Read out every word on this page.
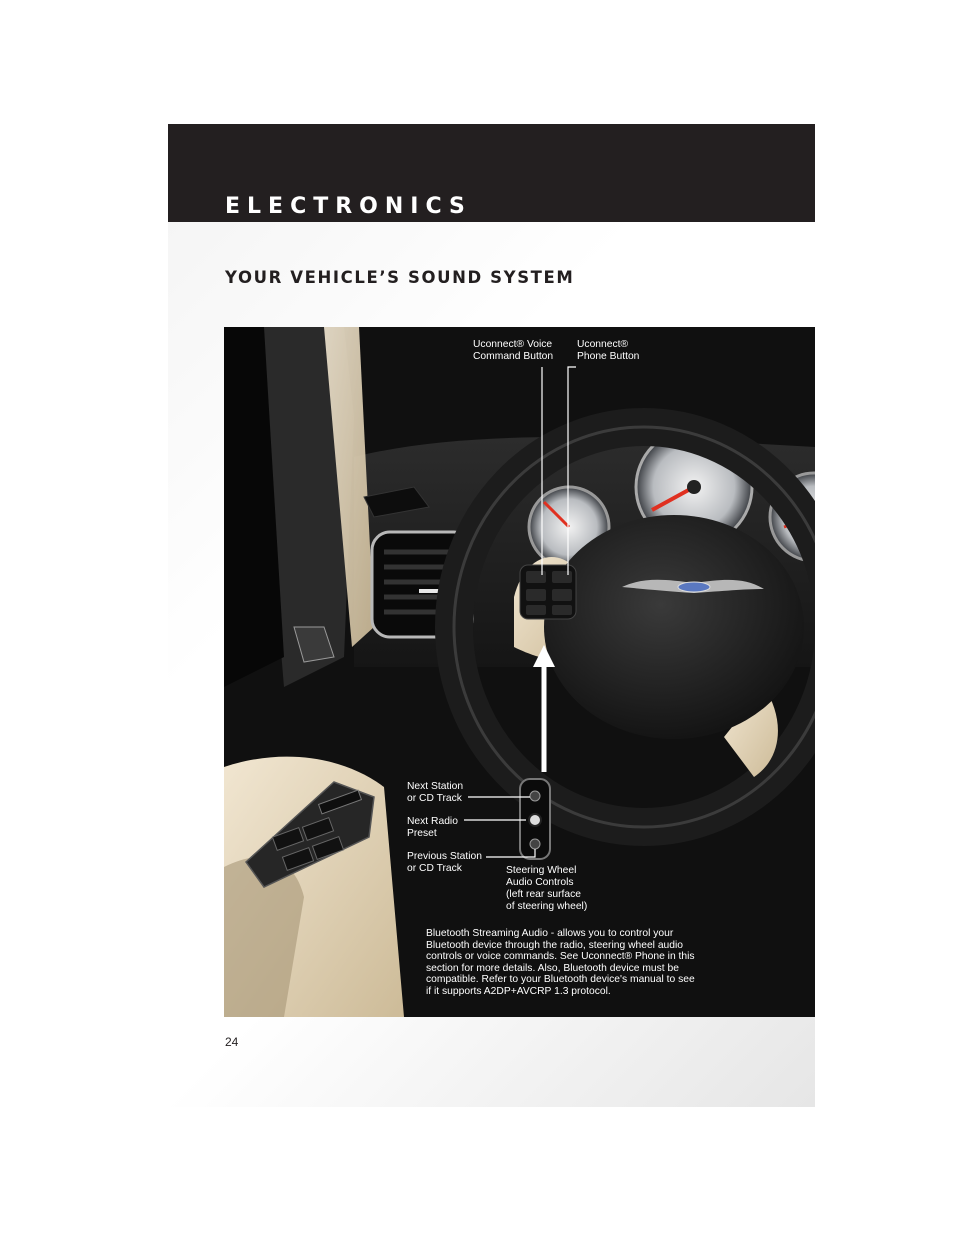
ELECTRONICS
YOUR VEHICLE’S SOUND SYSTEM
Uconnect® Voice
Command Button
Uconnect®
Phone Button
Next Station
or CD Track
Next Radio
Preset
Previous Station
or CD Track	Steering Wheel
Audio Controls
(left rear surface
of steering wheel)
Bluetooth Streaming Audio - allows you to control your Bluetooth device through the radio, steering wheel audio controls or voice commands. See Uconnect® Phone in this section for more details. Also, Bluetooth device must be compatible. Refer to your Bluetooth device's manual to see if it supports A2DP+AVCRP 1.3 protocol.
24
